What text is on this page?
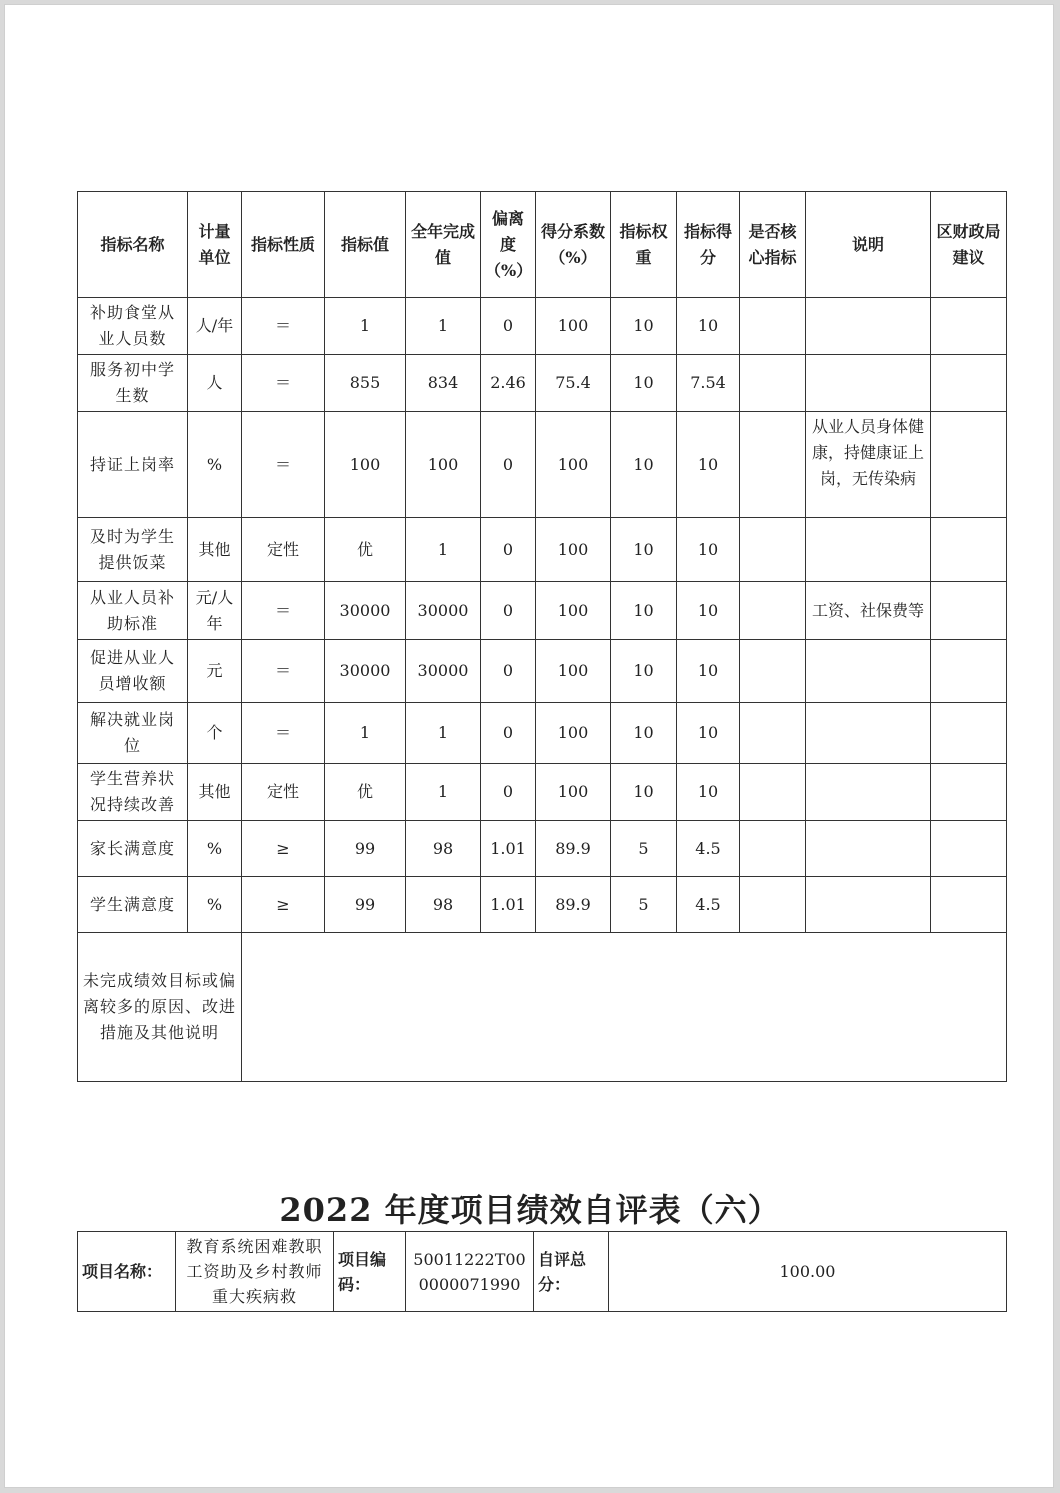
指标名称	计量单位	指标性质	指标值	全年完成值	偏离度（%）	得分系数（%）	指标权重	指标得分	是否核心指标	说明	区财政局建议
补助食堂从业人员数	人/年	＝	1	1	0	100	10	10			
服务初中学生数	人	＝	855	834	2.46	75.4	10	7.54			
持证上岗率	%	＝	100	100	0	100	10	10		从业人员身体健康，持健康证上岗，无传染病	
及时为学生提供饭菜	其他	定性	优	1	0	100	10	10			
从业人员补助标准	元/人年	＝	30000	30000	0	100	10	10		工资、社保费等	
促进从业人员增收额	元	＝	30000	30000	0	100	10	10			
解决就业岗位	个	＝	1	1	0	100	10	10			
学生营养状况持续改善	其他	定性	优	1	0	100	10	10			
家长满意度	%	≥	99	98	1.01	89.9	5	4.5			
学生满意度	%	≥	99	98	1.01	89.9	5	4.5			
未完成绩效目标或偏离较多的原因、改进措施及其他说明											
2022 年度项目绩效自评表（六）
项目名称：	教育系统困难教职工资助及乡村教师重大疾病救	项目编码：	50011222T000000071990	自评总分：	100.00
